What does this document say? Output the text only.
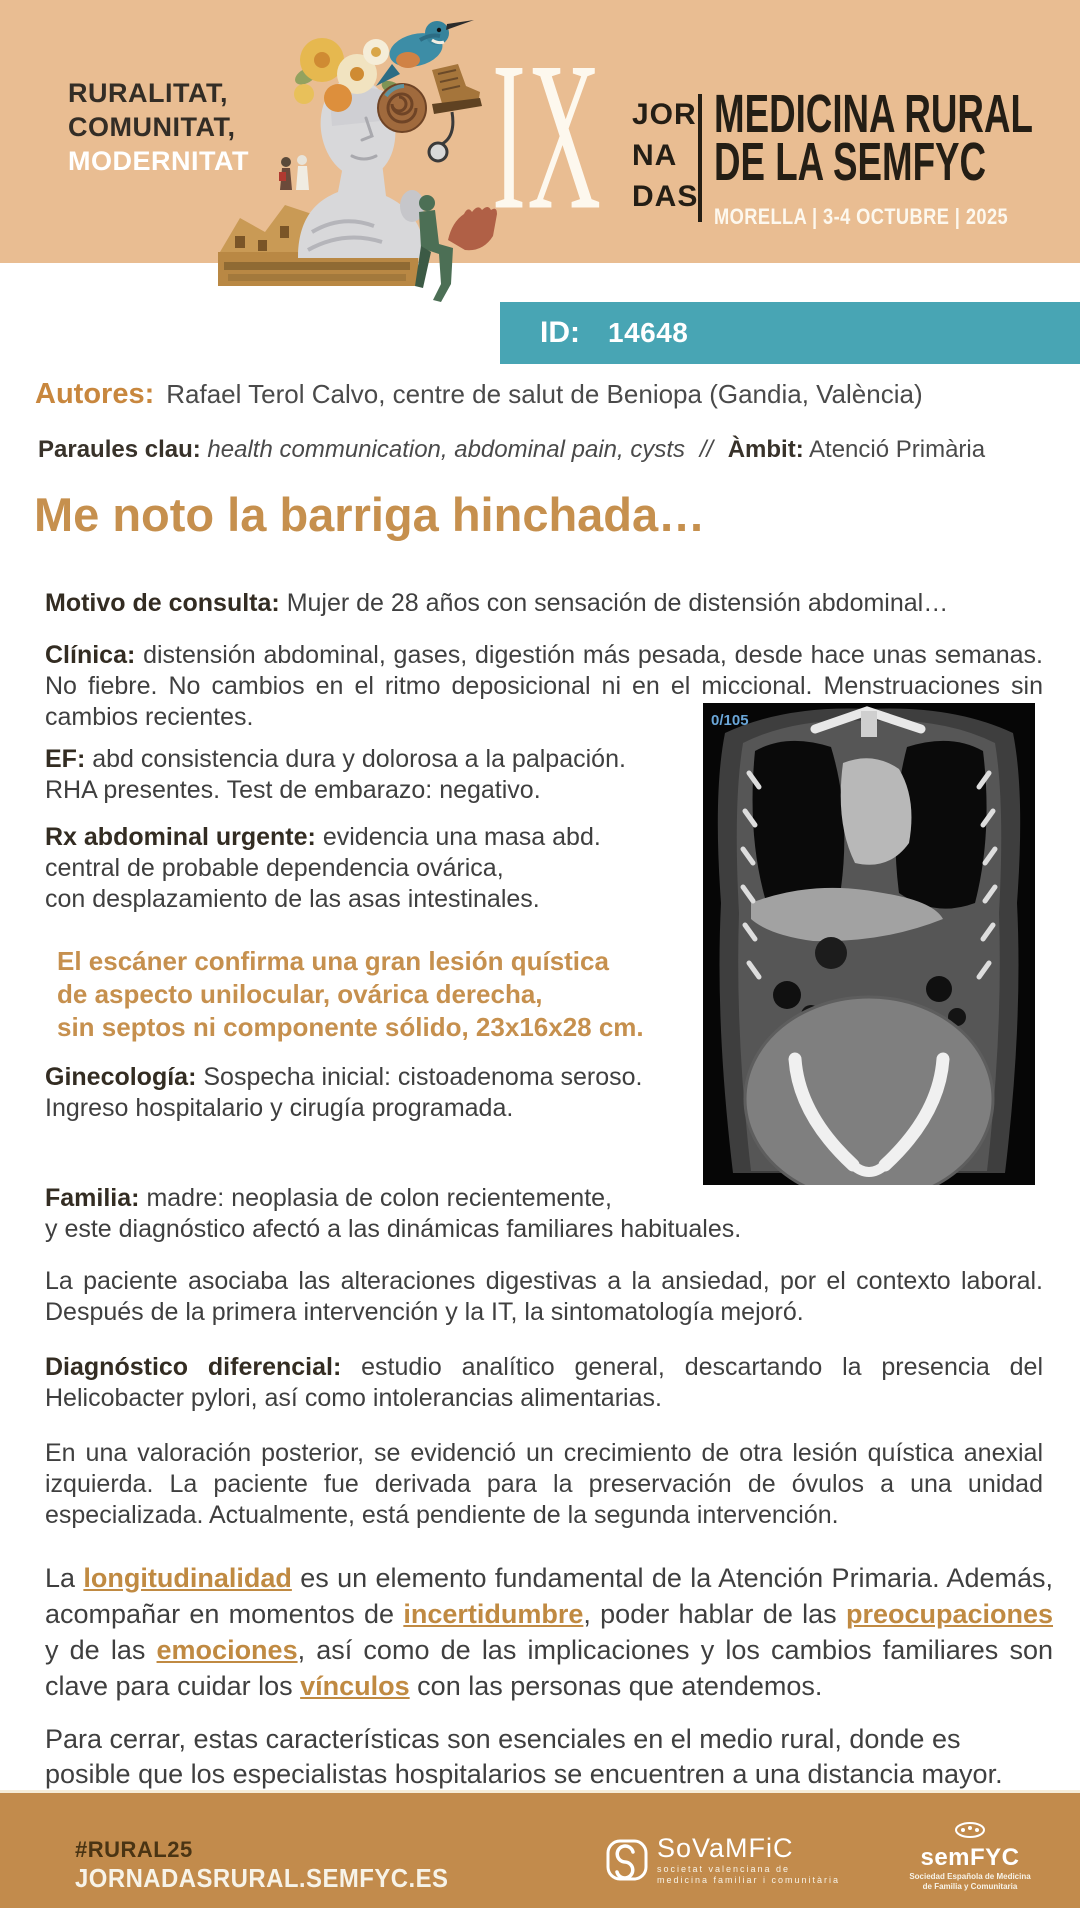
RURALITAT,
COMUNITAT,
MODERNITAT IX JOR
NA
DAS
MEDICINA RURAL
DE LA SEMFYC
MORELLA | 3-4 OCTUBRE | 2025
ID: 14648
Autores: Rafael Terol Calvo, centre de salut de Beniopa (Gandia, València)
Paraules clau: health communication, abdominal pain, cysts // Àmbit: Atenció Primària
Me noto la barriga hinchada…
Motivo de consulta: Mujer de 28 años con sensación de distensión abdominal…
Clínica: distensión abdominal, gases, digestión más pesada, desde hace unas semanas. No fiebre. No cambios en el ritmo deposicional ni en el miccional. Menstruaciones sin cambios recientes.
EF: abd consistencia dura y dolorosa a la palpación.
RHA presentes. Test de embarazo: negativo.
Rx abdominal urgente: evidencia una masa abd.
central de probable dependencia ovárica,
con desplazamiento de las asas intestinales.
El escáner confirma una gran lesión quística
de aspecto unilocular, ovárica derecha,
sin septos ni componente sólido, 23x16x28 cm.
Ginecología: Sospecha inicial: cistoadenoma seroso.
Ingreso hospitalario y cirugía programada.
Familia: madre: neoplasia de colon recientemente,
y este diagnóstico afectó a las dinámicas familiares habituales.
La paciente asociaba las alteraciones digestivas a la ansiedad, por el contexto laboral. Después de la primera intervención y la IT, la sintomatología mejoró.
Diagnóstico diferencial: estudio analítico general, descartando la presencia del Helicobacter pylori, así como intolerancias alimentarias.
En una valoración posterior, se evidenció un crecimiento de otra lesión quística anexial izquierda. La paciente fue derivada para la preservación de óvulos a una unidad especializada. Actualmente, está pendiente de la segunda intervención.
La longitudinalidad es un elemento fundamental de la Atención Primaria. Además, acompañar en momentos de incertidumbre, poder hablar de las preocupaciones y de las emociones, así como de las implicaciones y los cambios familiares son clave para cuidar los vínculos con las personas que atendemos.
Para cerrar, estas características son esenciales en el medio rural, donde es posible que los especialistas hospitalarios se encuentren a una distancia mayor.
0/105
#RURAL25
JORNADASRURAL.SEMFYC.ES
SoVaMFiC
societat valenciana de
medicina familiar i comunitària
semFYC
Sociedad Española de Medicina
de Familia y Comunitaria
